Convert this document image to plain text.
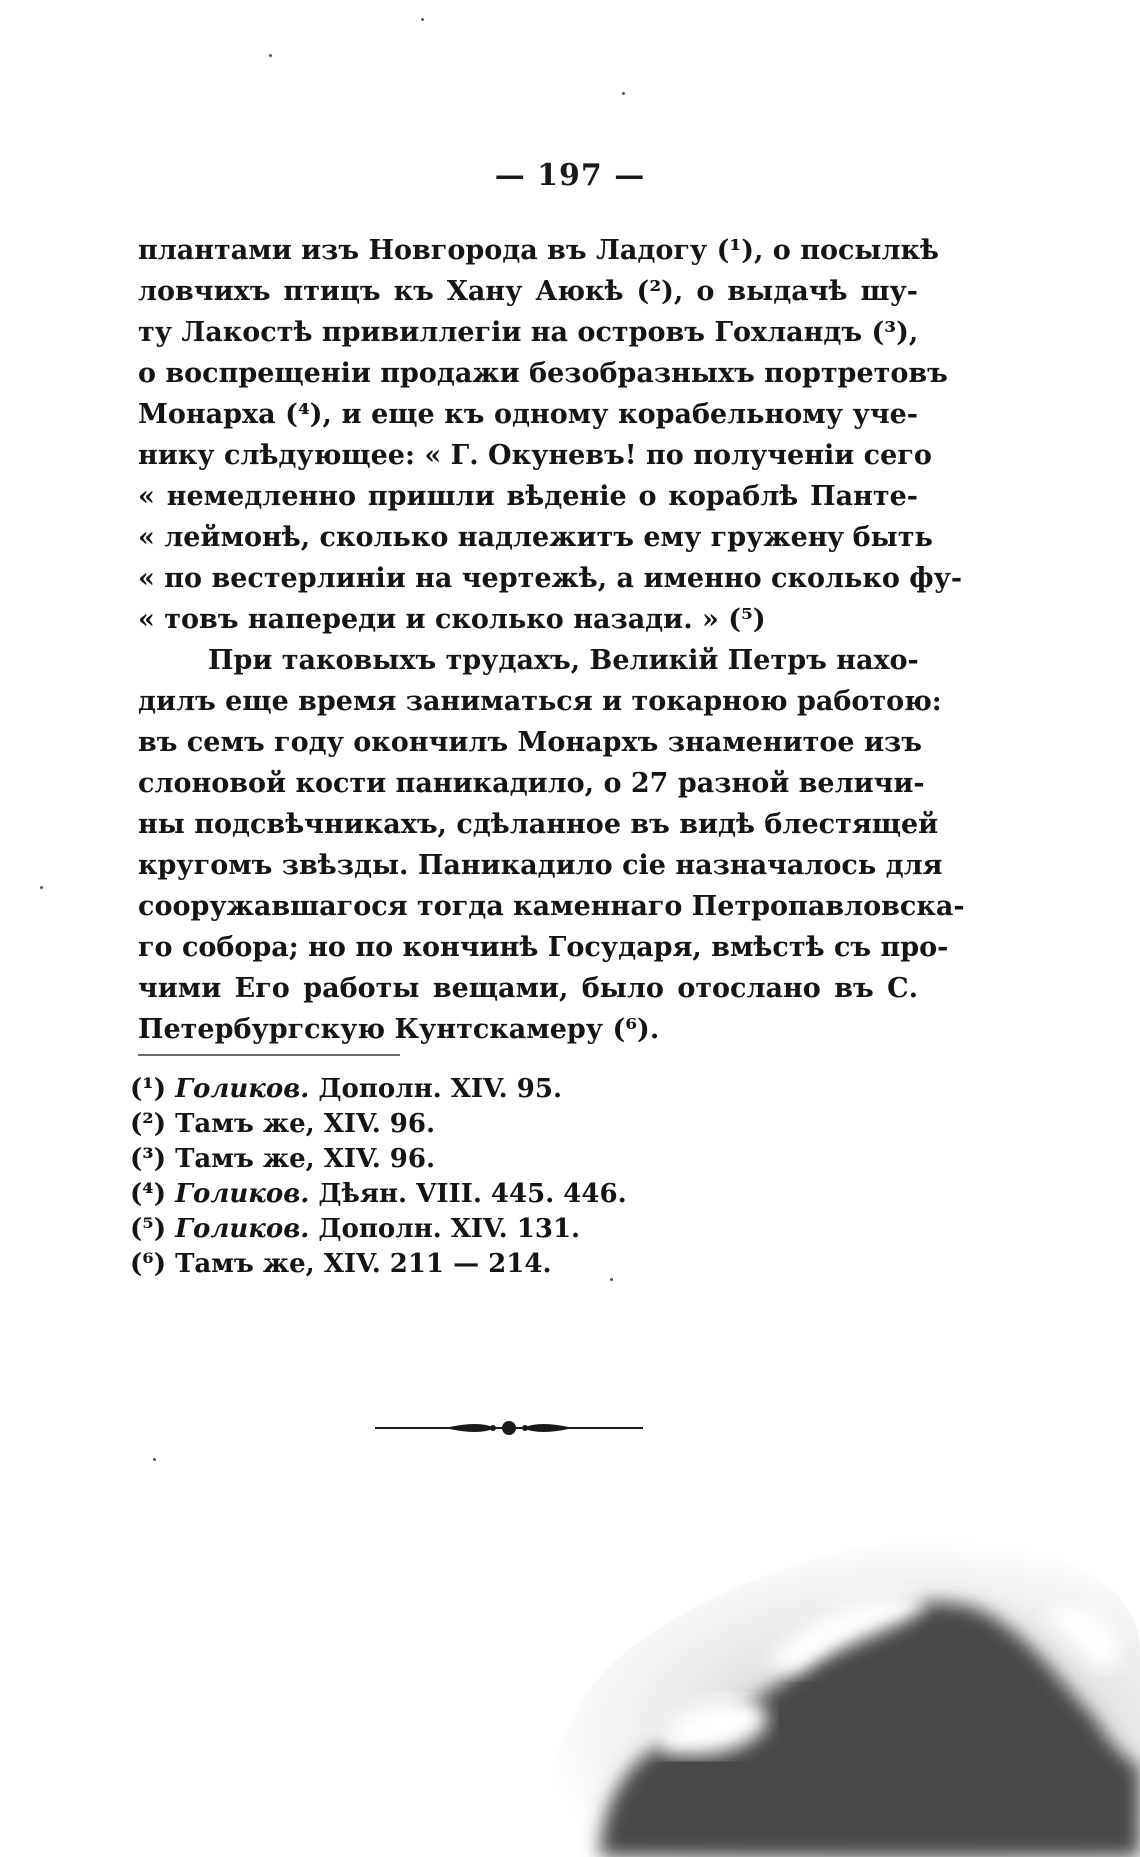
— 197 —
плантами изъ Новгорода въ Ладогу (¹), о посылкѣ
ловчихъ птицъ къ Хану Аюкѣ (²), о выдачѣ шу-
ту Лакостѣ привиллегіи на островъ Гохландъ (³),
о воспрещеніи продажи безобразныхъ портретовъ
Монарха (⁴), и еще къ одному корабельному уче-
нику слѣдующее: « Г. Окуневъ! по полученіи сего
« немедленно пришли вѣденіе о кораблѣ Панте-
« леймонѣ, сколько надлежитъ ему груженy быть
« по вестерлиніи на чертежѣ, а именно сколько фу-
« товъ напереди и сколько назади. » (⁵)
При таковыхъ трудахъ, Великій Петръ нахо-
дилъ еще время заниматься и токарною работою:
въ семъ году окончилъ Монархъ знаменитое изъ
слоновой кости паникадило, о 27 разной величи-
ны подсвѣчникахъ, сдѣланное въ видѣ блестящей
кругомъ звѣзды. Паникадило сіе назначалось для
сооружавшагося тогда каменнаго Петропавловска-
го собора; но по кончинѣ Государя, вмѣстѣ съ про-
чими Его работы вещами, было отослано въ С.
Петербургскую Кунтскамеру (⁶).
(¹) Голиков. Дополн. XIV. 95.
(²) Тамъ же, XIV. 96.
(³) Тамъ же, XIV. 96.
(⁴) Голиков. Дѣян. VIII. 445. 446.
(⁵) Голиков. Дополн. XIV. 131.
(⁶) Тамъ же, XIV. 211 — 214.
